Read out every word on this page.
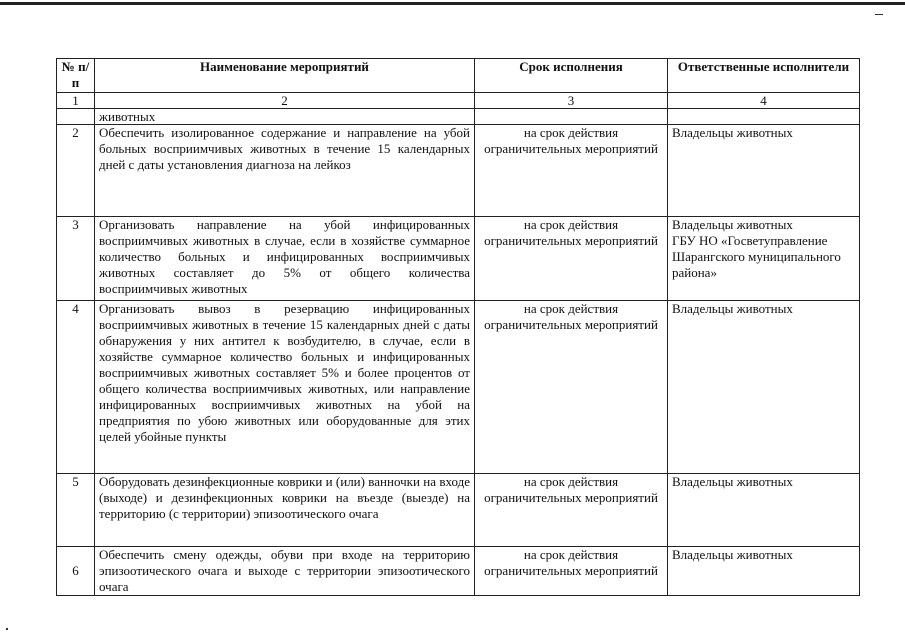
№ п/п	Наименование мероприятий	Срок исполнения	Ответственные исполнители
1	2	3	4
	животных		
2	Обеспечить изолированное содержание и направление на убой больных восприимчивых животных в течение 15 календарных дней с даты установления диагноза на лейкоз	на срок действия ограничительных мероприятий	Владельцы животных

3	Организовать направление на убой инфицированных восприимчивых животных в случае, если в хозяйстве суммарное количество больных и инфицированных восприимчивых животных составляет до 5% от общего количества восприимчивых животных	на срок действия ограничительных мероприятий	Владельцы животных
ГБУ НО «Госветуправление Шарангского муниципального района»

4	Организовать вывоз в резервацию инфицированных восприимчивых животных в течение 15 календарных дней с даты обнаружения у них антител к возбудителю, в случае, если в хозяйстве суммарное количество больных и инфицированных восприимчивых животных составляет 5% и более процентов от общего количества восприимчивых животных, или направление инфицированных восприимчивых животных на убой на предприятия по убою животных или оборудованные для этих целей убойные пункты	на срок действия ограничительных мероприятий	Владельцы животных

5	Оборудовать дезинфекционные коврики и (или) ванночки на входе (выходе) и дезинфекционных коврики на въезде (выезде) на территорию (с территории) эпизоотического очага	на срок действия ограничительных мероприятий	Владельцы животных

6	Обеспечить смену одежды, обуви при входе на территорию эпизоотического очага и выходе с территории эпизоотического очага	на срок действия ограничительных мероприятий	Владельцы животных
